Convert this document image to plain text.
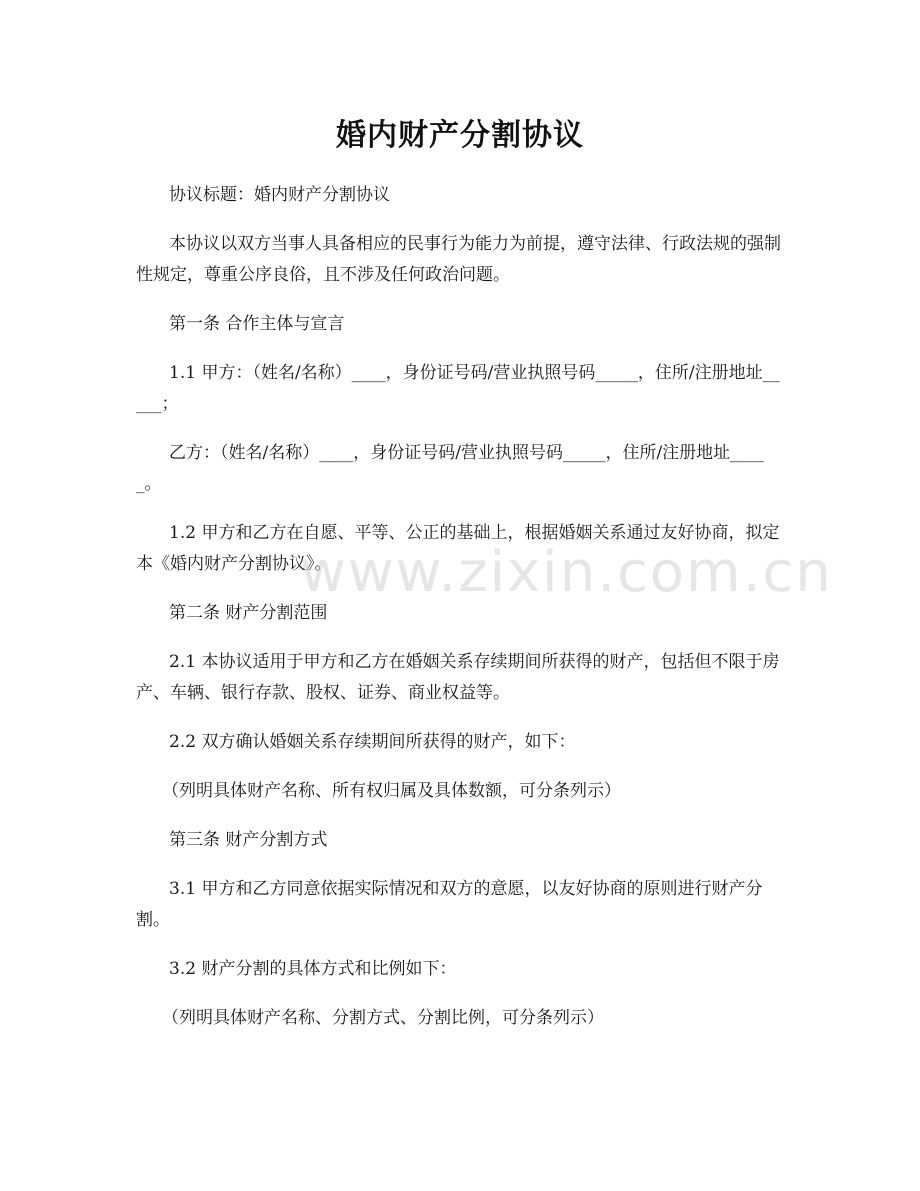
婚内财产分割协议

协议标题：婚内财产分割协议

本协议以双方当事人具备相应的民事行为能力为前提，遵守法律、行政法规的强制性规定，尊重公序良俗，且不涉及任何政治问题。

第一条 合作主体与宣言

1.1 甲方：（姓名/名称）____，身份证号码/营业执照号码_____，住所/注册地址_____；

乙方：（姓名/名称）____，身份证号码/营业执照号码_____，住所/注册地址_____。

1.2 甲方和乙方在自愿、平等、公正的基础上，根据婚姻关系通过友好协商，拟定本《婚内财产分割协议》。

第二条 财产分割范围

2.1 本协议适用于甲方和乙方在婚姻关系存续期间所获得的财产，包括但不限于房产、车辆、银行存款、股权、证券、商业权益等。

2.2 双方确认婚姻关系存续期间所获得的财产，如下：

（列明具体财产名称、所有权归属及具体数额，可分条列示）

第三条 财产分割方式

3.1 甲方和乙方同意依据实际情况和双方的意愿，以友好协商的原则进行财产分割。

3.2 财产分割的具体方式和比例如下：

（列明具体财产名称、分割方式、分割比例，可分条列示）

www.zixin.com.cn
